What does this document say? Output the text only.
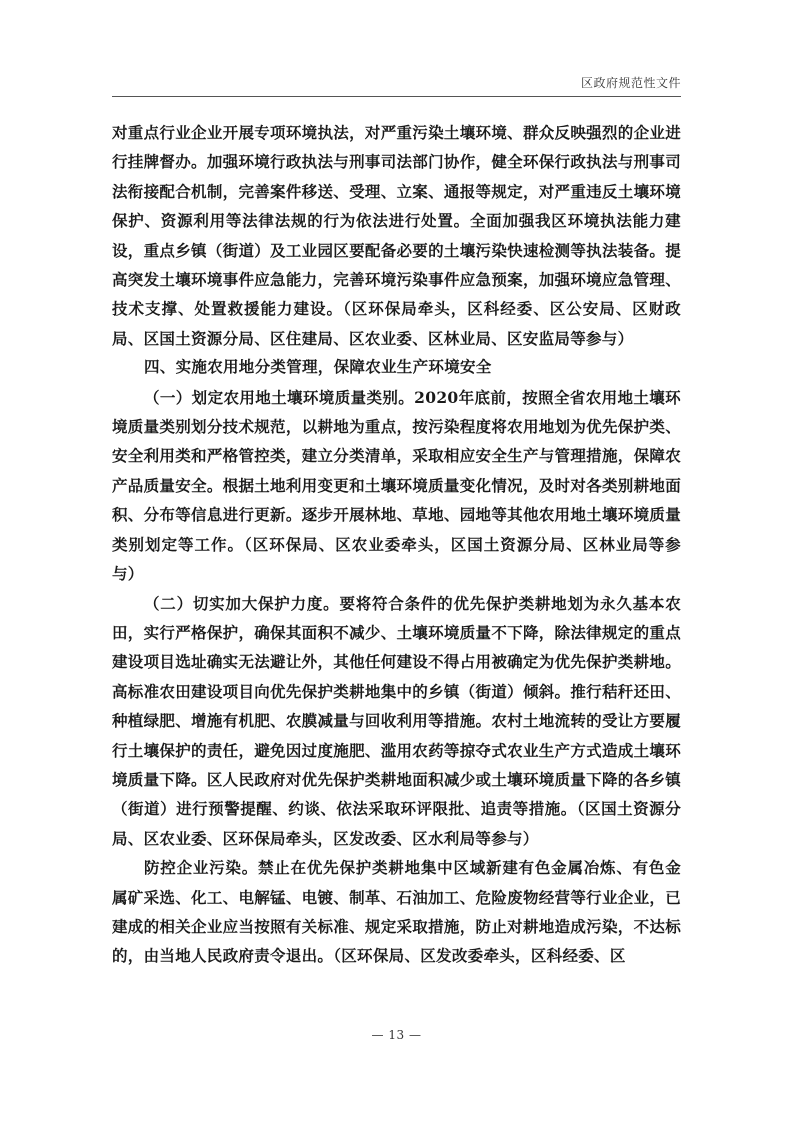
区政府规范性文件

对重点行业企业开展专项环境执法，对严重污染土壤环境、群众反映强烈的企业进行挂牌督办。加强环境行政执法与刑事司法部门协作，健全环保行政执法与刑事司法衔接配合机制，完善案件移送、受理、立案、通报等规定，对严重违反土壤环境保护、资源利用等法律法规的行为依法进行处置。全面加强我区环境执法能力建设，重点乡镇（街道）及工业园区要配备必要的土壤污染快速检测等执法装备。提高突发土壤环境事件应急能力，完善环境污染事件应急预案，加强环境应急管理、技术支撑、处置救援能力建设。（区环保局牵头，区科经委、区公安局、区财政局、区国土资源分局、区住建局、区农业委、区林业局、区安监局等参与）

四、实施农用地分类管理，保障农业生产环境安全

（一）划定农用地土壤环境质量类别。2020年底前，按照全省农用地土壤环境质量类别划分技术规范，以耕地为重点，按污染程度将农用地划为优先保护类、安全利用类和严格管控类，建立分类清单，采取相应安全生产与管理措施，保障农产品质量安全。根据土地利用变更和土壤环境质量变化情况，及时对各类别耕地面积、分布等信息进行更新。逐步开展林地、草地、园地等其他农用地土壤环境质量类别划定等工作。（区环保局、区农业委牵头，区国土资源分局、区林业局等参与）

（二）切实加大保护力度。要将符合条件的优先保护类耕地划为永久基本农田，实行严格保护，确保其面积不减少、土壤环境质量不下降，除法律规定的重点建设项目选址确实无法避让外，其他任何建设不得占用被确定为优先保护类耕地。高标准农田建设项目向优先保护类耕地集中的乡镇（街道）倾斜。推行秸秆还田、种植绿肥、增施有机肥、农膜减量与回收利用等措施。农村土地流转的受让方要履行土壤保护的责任，避免因过度施肥、滥用农药等掠夺式农业生产方式造成土壤环境质量下降。区人民政府对优先保护类耕地面积减少或土壤环境质量下降的各乡镇（街道）进行预警提醒、约谈、依法采取环评限批、追责等措施。（区国土资源分局、区农业委、区环保局牵头，区发改委、区水利局等参与）

防控企业污染。禁止在优先保护类耕地集中区域新建有色金属冶炼、有色金属矿采选、化工、电解锰、电镀、制革、石油加工、危险废物经营等行业企业，已建成的相关企业应当按照有关标准、规定采取措施，防止对耕地造成污染，不达标的，由当地人民政府责令退出。（区环保局、区发改委牵头，区科经委、区

— 13 —
